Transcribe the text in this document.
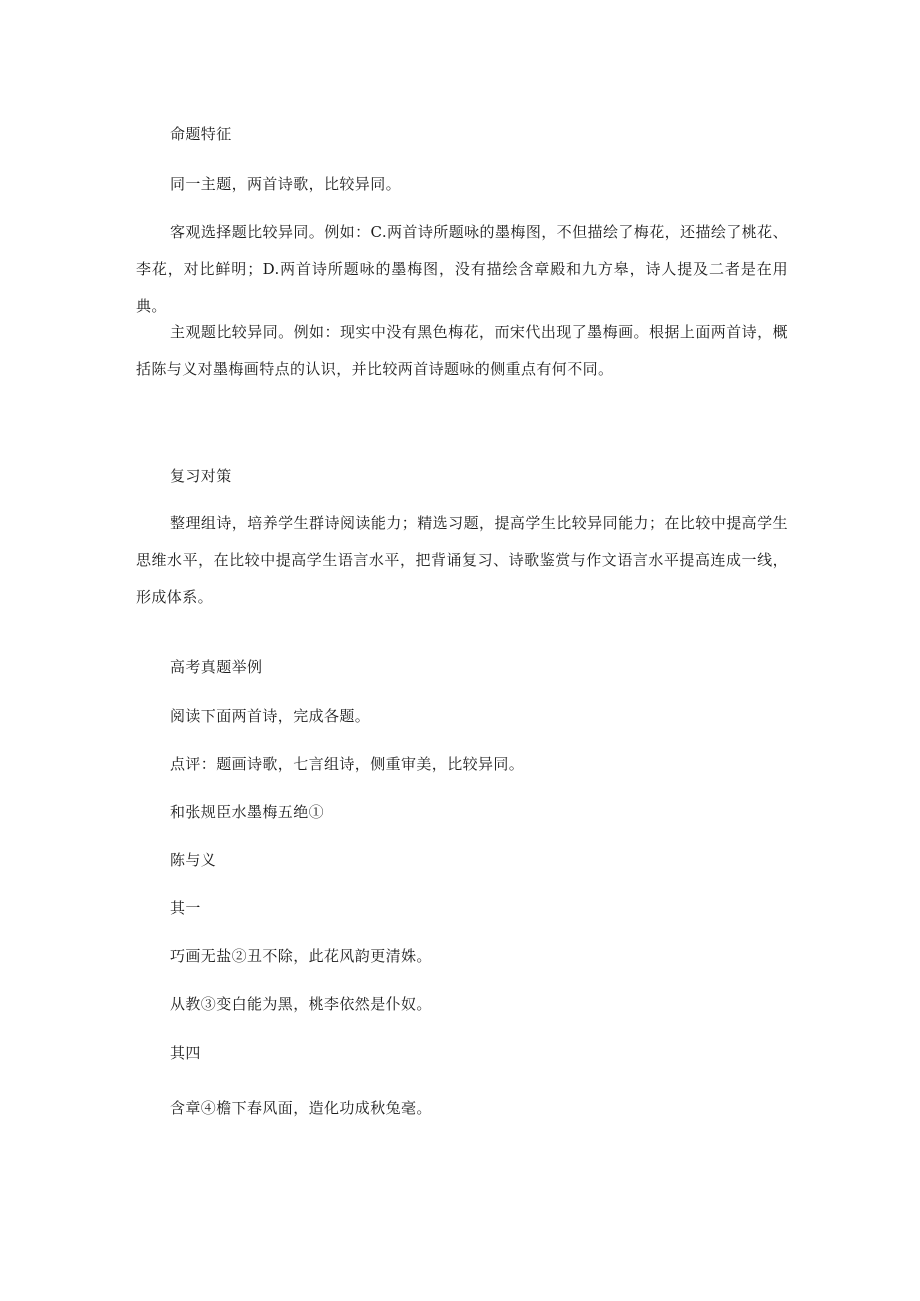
命题特征

同一主题，两首诗歌，比较异同。

客观选择题比较异同。例如：C.两首诗所题咏的墨梅图，不但描绘了梅花，还描绘了桃花、李花，对比鲜明；D.两首诗所题咏的墨梅图，没有描绘含章殿和九方皋，诗人提及二者是在用典。

主观题比较异同。例如：现实中没有黑色梅花，而宋代出现了墨梅画。根据上面两首诗，概括陈与义对墨梅画特点的认识，并比较两首诗题咏的侧重点有何不同。

复习对策

整理组诗，培养学生群诗阅读能力；精选习题，提高学生比较异同能力；在比较中提高学生思维水平，在比较中提高学生语言水平，把背诵复习、诗歌鉴赏与作文语言水平提高连成一线，形成体系。

高考真题举例

阅读下面两首诗，完成各题。

点评：题画诗歌，七言组诗，侧重审美，比较异同。

和张规臣水墨梅五绝①

陈与义

其一

巧画无盐②丑不除，此花风韵更清姝。

从教③变白能为黑，桃李依然是仆奴。

其四

含章④檐下春风面，造化功成秋兔毫。
